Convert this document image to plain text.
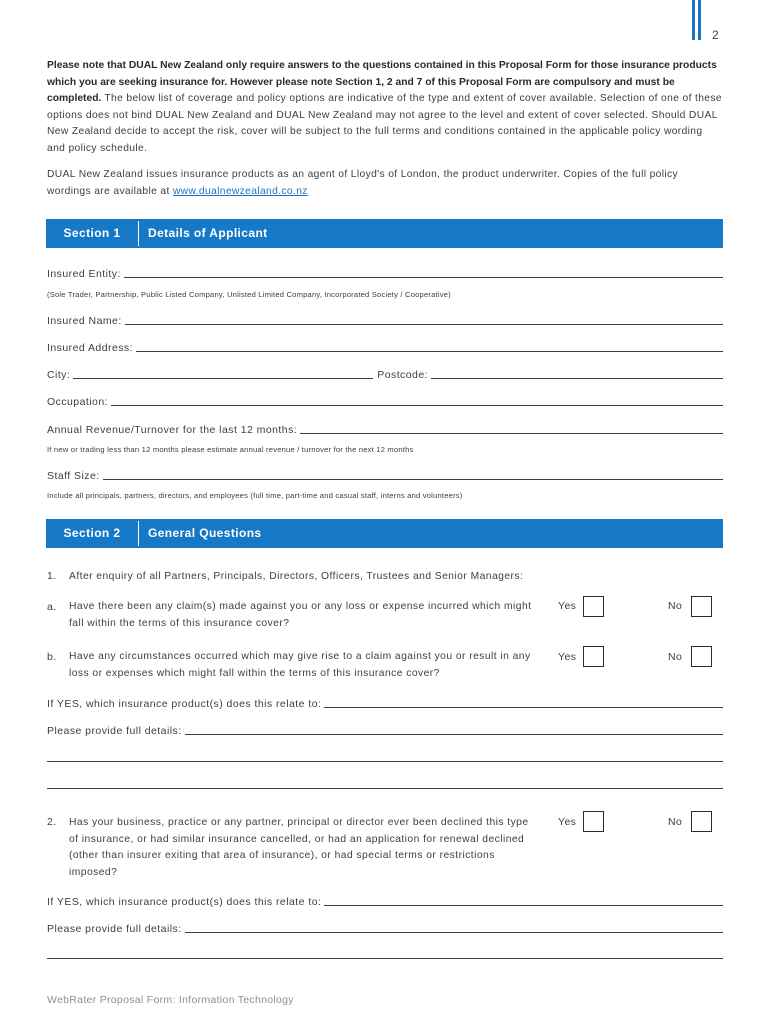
2

Please note that DUAL New Zealand only require answers to the questions contained in this Proposal Form for those insurance products which you are seeking insurance for. However please note Section 1, 2 and 7 of this Proposal Form are compulsory and must be completed. The below list of coverage and policy options are indicative of the type and extent of cover available. Selection of one of these options does not bind DUAL New Zealand and DUAL New Zealand may not agree to the level and extent of cover selected. Should DUAL New Zealand decide to accept the risk, cover will be subject to the full terms and conditions contained in the applicable policy wording and policy schedule.

DUAL New Zealand issues insurance products as an agent of Lloyd's of London, the product underwriter. Copies of the full policy wordings are available at www.dualnewzealand.co.nz

Section 1	Details of Applicant
Insured Entity:
(Sole Trader, Partnership, Public Listed Company, Unlisted Limited Company, Incorporated Society / Cooperative)
Insured Name:
Insured Address:
City:	Postcode:
Occupation:
Annual Revenue/Turnover for the last 12 months:
If new or trading less than 12 months please estimate annual revenue / turnover for the next 12 months
Staff Size:
Include all principals, partners, directors, and employees (full time, part-time and casual staff, interns and volunteers)
Section 2	General Questions
1. After enquiry of all Partners, Principals, Directors, Officers, Trustees and Senior Managers:
a. Have there been any claim(s) made against you or any loss or expense incurred which might fall within the terms of this insurance cover?
Yes	No
b. Have any circumstances occurred which may give rise to a claim against you or result in any loss or expenses which might fall within the terms of this insurance cover?
Yes	No
If YES, which insurance product(s) does this relate to:
Please provide full details:
2. Has your business, practice or any partner, principal or director ever been declined this type of insurance, or had similar insurance cancelled, or had an application for renewal declined (other than insurer exiting that area of insurance), or had special terms or restrictions imposed?
Yes	No
If YES, which insurance product(s) does this relate to:
Please provide full details:
WebRater Proposal Form: Information Technology
